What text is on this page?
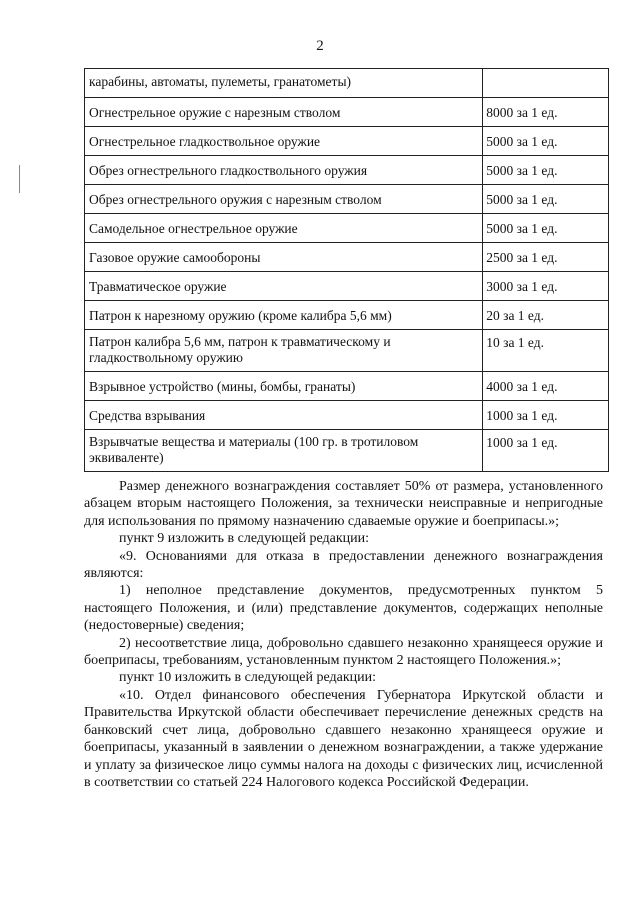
2
карабины, автоматы, пулеметы, гранатометы)	
Огнестрельное оружие с нарезным стволом	8000 за 1 ед.
Огнестрельное гладкоствольное оружие	5000 за 1 ед.
Обрез огнестрельного гладкоствольного оружия	5000 за 1 ед.
Обрез огнестрельного оружия с нарезным стволом	5000 за 1 ед.
Самодельное огнестрельное оружие	5000 за 1 ед.
Газовое оружие самообороны	2500 за 1 ед.
Травматическое оружие	3000 за 1 ед.
Патрон к нарезному оружию (кроме калибра 5,6 мм)	20 за 1 ед.
Патрон калибра 5,6 мм, патрон к травматическому и гладкоствольному оружию	10 за 1 ед.
Взрывное устройство (мины, бомбы, гранаты)	4000 за 1 ед.
Средства взрывания	1000 за 1 ед.
Взрывчатые вещества и материалы (100 гр. в тротиловом эквиваленте)	1000 за 1 ед.

Размер денежного вознаграждения составляет 50% от размера, установленного абзацем вторым настоящего Положения, за технически неисправные и непригодные для использования по прямому назначению сдаваемые оружие и боеприпасы.»;

пункт 9 изложить в следующей редакции:

«9. Основаниями для отказа в предоставлении денежного вознаграждения являются:

1) неполное представление документов, предусмотренных пунктом 5 настоящего Положения, и (или) представление документов, содержащих неполные (недостоверные) сведения;

2) несоответствие лица, добровольно сдавшего незаконно хранящееся оружие и боеприпасы, требованиям, установленным пунктом 2 настоящего Положения.»;

пункт 10 изложить в следующей редакции:

«10. Отдел финансового обеспечения Губернатора Иркутской области и Правительства Иркутской области обеспечивает перечисление денежных средств на банковский счет лица, добровольно сдавшего незаконно хранящееся оружие и боеприпасы, указанный в заявлении о денежном вознаграждении, а также удержание и уплату за физическое лицо суммы налога на доходы с физических лиц, исчисленной в соответствии со статьей 224 Налогового кодекса Российской Федерации.
